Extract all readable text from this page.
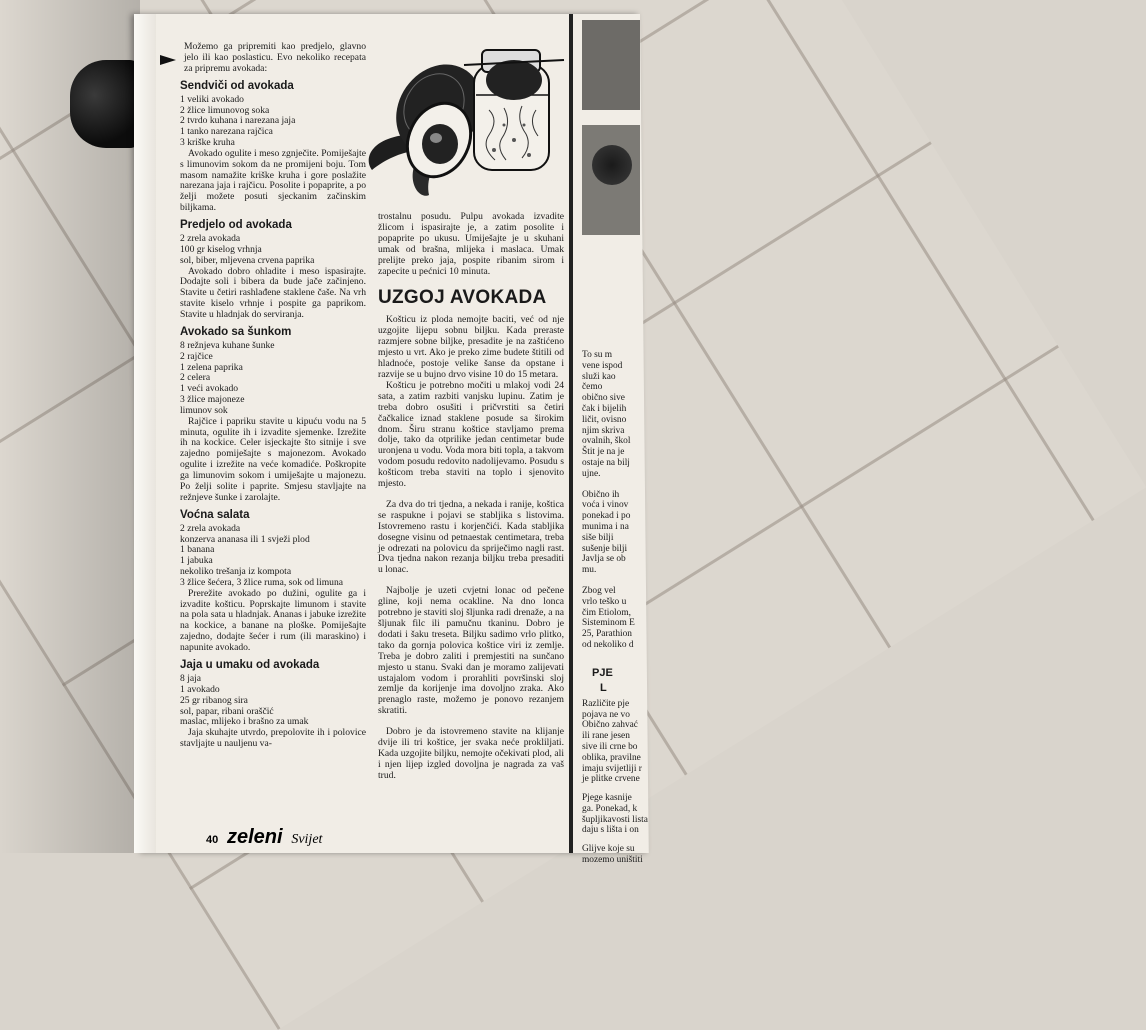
Možemo ga pripremiti kao predjelo, glavno jelo ili kao poslasticu. Evo nekoliko recepata za pripremu avokada:

Sendviči od avokada
1 veliki avokado
2 žlice limunovog soka
2 tvrdo kuhana i narezana jaja
1 tanko narezana rajčica
3 kriške kruha

Avokado ogulite i meso zgnječite. Pomiješajte s limunovim sokom da ne promijeni boju. Tom masom namažite kriške kruha i gore poslažite narezana jaja i rajčicu. Posolite i popaprite, a po želji možete posuti sjeckanim začinskim biljkama.

Predjelo od avokada
2 zrela avokada
100 gr kiselog vrhnja
sol, biber, mljevena crvena paprika

Avokado dobro ohladite i meso ispasirajte. Dodajte soli i bibera da bude jače začinjeno. Stavite u četiri rashlađene staklene čaše. Na vrh stavite kiselo vrhnje i pospite ga paprikom. Stavite u hladnjak do serviranja.

Avokado sa šunkom
8 režnjeva kuhane šunke
2 rajčice
1 zelena paprika
2 celera
1 veći avokado
3 žlice majoneze
limunov sok

Rajčice i papriku stavite u kipuću vodu na 5 minuta, ogulite ih i izvadite sjemenke. Izrežite ih na kockice. Celer isjeckajte što sitnije i sve zajedno pomiješajte s majonezom. Avokado ogulite i izrežite na veće komadiće. Poškropite ga limunovim sokom i umiješajte u majonezu. Po želji solite i paprite. Smjesu stavljajte na režnjeve šunke i zarolajte.

Voćna salata
2 zrela avokada
konzerva ananasa ili 1 svježi plod
1 banana
1 jabuka
nekoliko trešanja iz kompota
3 žlice šećera, 3 žlice ruma, sok od limuna

Prerežite avokado po dužini, ogulite ga i izvadite košticu. Poprskajte limunom i stavite na pola sata u hladnjak. Ananas i jabuke izrežite na kockice, a banane na ploške. Pomiješajte zajedno, dodajte šećer i rum (ili maraskino) i napunite avokado.

Jaja u umaku od avokada
8 jaja
1 avokado
25 gr ribanog sira
sol, papar, ribani oraščić
maslac, mlijeko i brašno za umak

Jaja skuhajte utvrdo, prepolovite ih i polovice stavljajte u nauljenu va-

trostalnu posudu. Pulpu avokada izvadite žlicom i ispasirajte je, a zatim posolite i popaprite po ukusu. Umiješajte je u skuhani umak od brašna, mlijeka i maslaca. Umak prelijte preko jaja, pospite ribanim sirom i zapecite u pećnici 10 minuta.

UZGOJ AVOKADA

Košticu iz ploda nemojte baciti, već od nje uzgojite lijepu sobnu biljku. Kada prerastе razmjere sobne biljke, presadite je na zaštićeno mjesto u vrt. Ako je preko zime budete štitili od hladnoće, postoje velike šanse da opstane i razvije se u bujno drvo visine 10 do 15 metara.

Košticu je potrebno močiti u mlakoj vodi 24 sata, a zatim razbiti vanjsku lupinu. Zatim je treba dobro osušiti i pričvrstiti sa četiri čačkalice iznad staklene posude sa širokim dnom. Širu stranu koštice stavljamo prema dolje, tako da otprilike jedan centimetar bude uronjena u vodu. Voda mora biti topla, a takvom vodom posudu redovito nadolijevamo. Posudu s košticom treba staviti na toplo i sjenovito mjesto.

Za dva do tri tjedna, a nekada i ranije, koštica se raspukne i pojavi se stabljika s listovima. Istovremeno rastu i korjenčići. Kada stabljika dosegne visinu od petnaestak centimetara, treba je odrezati na polovicu da spriječimo nagli rast. Dva tjedna nakon rezanja biljku treba presaditi u lonac.

Najbolje je uzeti cvjetni lonac od pečene gline, koji nema ocakline. Na dno lonca potrebno je staviti sloj šljunka radi drenaže, a na šljunak filc ili pamučnu tkaninu. Dobro je dodati i šaku treseta. Biljku sadimo vrlo plitko, tako da gornja polovica koštice viri iz zemlje. Treba je dobro zaliti i premjestiti na sunčano mjesto u stanu. Svaki dan je moramo zalijevati ustajalom vodom i prorahliti površinski sloj zemlje da korijenje ima dovoljno zraka. Ako prenaglo raste, možemo je ponovo rezanjem skratiti.

Dobro je da istovremeno stavite na klijanje dvije ili tri koštice, jer svaka neće prokliljati. Kada uzgojite biljku, nemojte očekivati plod, ali i njen lijep izgled dovoljna je nagrada za vaš trud.

To su m

vene ispod

služi kao

čemo

obično sive

čak i bijelih

ličit, ovisno

njim skriva

ovalnih, škol

Štit je na je

ostaje na bilj

ujne.

Obično ih

voća i vinov

ponekad i po

munima i na

siše bilji

sušenje bilji

Javlja se ob

mu.

Zbog vel

vrlo teško u

čim Etiolom,

Sisteminom E

25, Parathion

od nekoliko d

PJE
L

Različite pje

pojava ne vo

Obično zahvać

ili rane jesen

sive ili crne bo

oblika, pravilne

imaju svijetliji r

je plitke crvene

Pjege kasnije

ga. Ponekad, k

šupljikavosti lista

daju s lišta i on

Glijve koje su

mozemo uništiti

40 zeleni Svijet
